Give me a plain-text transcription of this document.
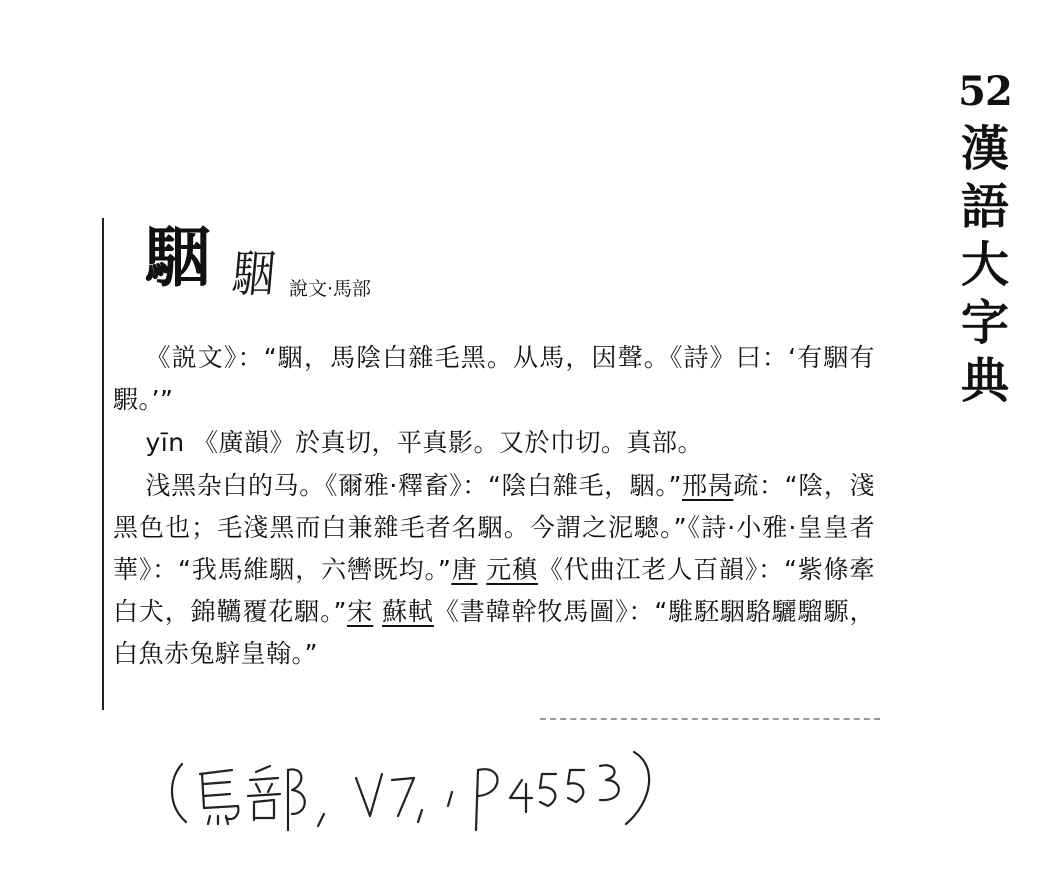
52
漢
語
大
字
典
駰 駰 說文·馬部

《説文》：“駰，馬陰白雜毛黑。从馬，因聲。《詩》曰：‘有駰有騢。’”

yīn 《廣韻》於真切，平真影。又於巾切。真部。

浅黑杂白的马。《爾雅·釋畜》：“陰白雜毛，駰。”邢昺疏：“陰，淺黑色也；毛淺黑而白兼雜毛者名駰。今謂之泥驄。”《詩·小雅·皇皇者華》：“我馬維駰，六轡既均。”唐 元稹《代曲江老人百韻》：“紫條牽白犬，錦韉覆花駰。”宋 蘇軾《書韓幹牧馬圖》：“騅駓駰駱驪騮騵，白魚赤兔騂皇翰。”
